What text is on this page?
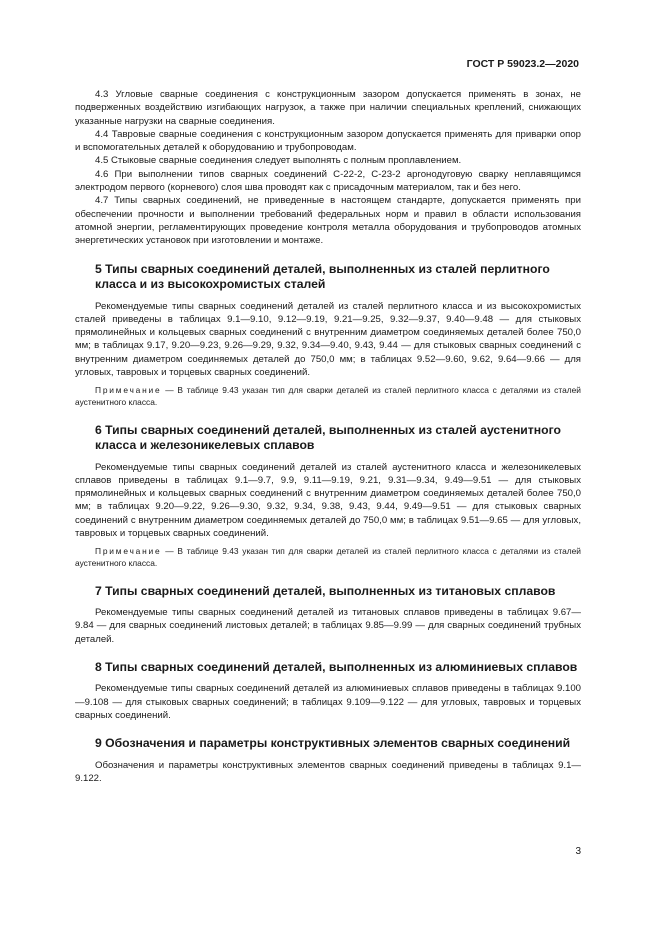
ГОСТ Р 59023.2—2020

4.3 Угловые сварные соединения с конструкционным зазором допускается применять в зонах, не подверженных воздействию изгибающих нагрузок, а также при наличии специальных креплений, снижающих указанные нагрузки на сварные соединения.

4.4 Тавровые сварные соединения с конструкционным зазором допускается применять для приварки опор и вспомогательных деталей к оборудованию и трубопроводам.

4.5 Стыковые сварные соединения следует выполнять с полным проплавлением.

4.6 При выполнении типов сварных соединений С-22-2, С-23-2 аргонодуговую сварку неплавящимся электродом первого (корневого) слоя шва проводят как с присадочным материалом, так и без него.

4.7 Типы сварных соединений, не приведенные в настоящем стандарте, допускается применять при обеспечении прочности и выполнении требований федеральных норм и правил в области использования атомной энергии, регламентирующих проведение контроля металла оборудования и трубопроводов атомных энергетических установок при изготовлении и монтаже.

5 Типы сварных соединений деталей, выполненных из сталей перлитного класса и из высокохромистых сталей

Рекомендуемые типы сварных соединений деталей из сталей перлитного класса и из высокохромистых сталей приведены в таблицах 9.1—9.10, 9.12—9.19, 9.21—9.25, 9.32—9.37, 9.40—9.48 — для стыковых прямолинейных и кольцевых сварных соединений с внутренним диаметром соединяемых деталей более 750,0 мм; в таблицах 9.17, 9.20—9.23, 9.26—9.29, 9.32, 9.34—9.40, 9.43, 9.44 — для стыковых сварных соединений с внутренним диаметром соединяемых деталей до 750,0 мм; в таблицах 9.52—9.60, 9.62, 9.64—9.66 — для угловых, тавровых и торцевых сварных соединений.

Примечание — В таблице 9.43 указан тип для сварки деталей из сталей перлитного класса с деталями из сталей аустенитного класса.

6 Типы сварных соединений деталей, выполненных из сталей аустенитного класса и железоникелевых сплавов

Рекомендуемые типы сварных соединений деталей из сталей аустенитного класса и железоникелевых сплавов приведены в таблицах 9.1—9.7, 9.9, 9.11—9.19, 9.21, 9.31—9.34, 9.49—9.51 — для стыковых прямолинейных и кольцевых сварных соединений с внутренним диаметром соединяемых деталей более 750,0 мм; в таблицах 9.20—9.22, 9.26—9.30, 9.32, 9.34, 9.38, 9.43, 9.44, 9.49—9.51 — для стыковых сварных соединений с внутренним диаметром соединяемых деталей до 750,0 мм; в таблицах 9.51—9.65 — для угловых, тавровых и торцевых сварных соединений.

Примечание — В таблице 9.43 указан тип для сварки деталей из сталей перлитного класса с деталями из сталей аустенитного класса.

7 Типы сварных соединений деталей, выполненных из титановых сплавов

Рекомендуемые типы сварных соединений деталей из титановых сплавов приведены в таблицах 9.67—9.84 — для сварных соединений листовых деталей; в таблицах 9.85—9.99 — для сварных соединений трубных деталей.

8 Типы сварных соединений деталей, выполненных из алюминиевых сплавов

Рекомендуемые типы сварных соединений деталей из алюминиевых сплавов приведены в таблицах 9.100—9.108 — для стыковых сварных соединений; в таблицах 9.109—9.122 — для угловых, тавровых и торцевых сварных соединений.

9 Обозначения и параметры конструктивных элементов сварных соединений

Обозначения и параметры конструктивных элементов сварных соединений приведены в таблицах 9.1—9.122.

3
